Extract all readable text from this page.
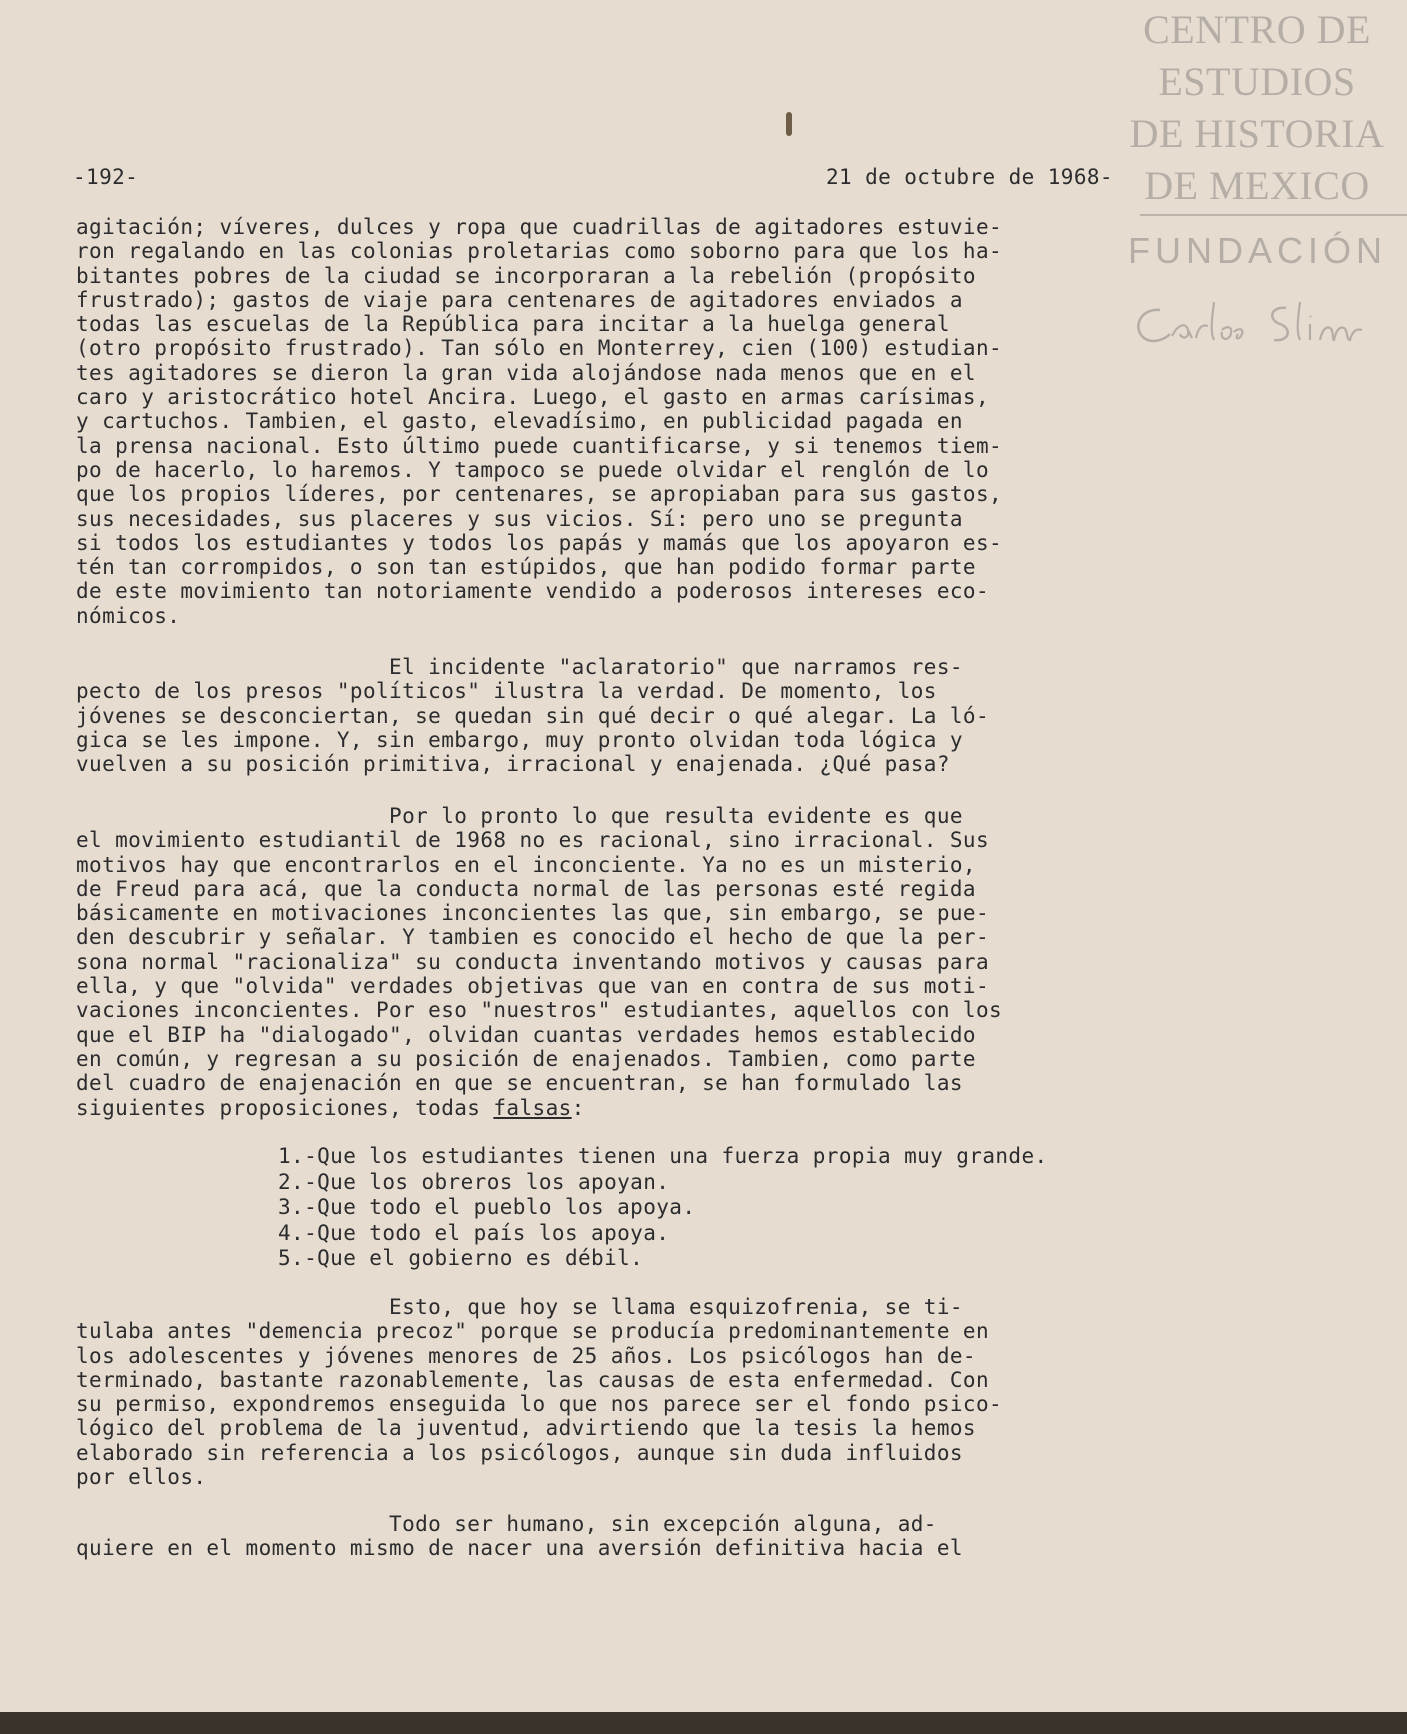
CENTRO DE
ESTUDIOS
DE HISTORIA
DE MEXICO
FUNDACIÓN
-192-	21 de octubre de 1968-
agitación; víveres, dulces y ropa que cuadrillas de agitadores estuvie-
ron regalando en las colonias proletarias como soborno para que los ha-
bitantes pobres de la ciudad se incorporaran a la rebelión (propósito
frustrado); gastos de viaje para centenares de agitadores enviados a
todas las escuelas de la República para incitar a la huelga general
(otro propósito frustrado). Tan sólo en Monterrey, cien (100) estudian-
tes agitadores se dieron la gran vida alojándose nada menos que en el
caro y aristocrático hotel Ancira. Luego, el gasto en armas carísimas,
y cartuchos. Tambien, el gasto, elevadísimo, en publicidad pagada en
la prensa nacional. Esto último puede cuantificarse, y si tenemos tiem-
po de hacerlo, lo haremos. Y tampoco se puede olvidar el renglón de lo
que los propios líderes, por centenares, se apropiaban para sus gastos,
sus necesidades, sus placeres y sus vicios. Sí: pero uno se pregunta
si todos los estudiantes y todos los papás y mamás que los apoyaron es-
tén tan corrompidos, o son tan estúpidos, que han podido formar parte
de este movimiento tan notoriamente vendido a poderosos intereses eco-
nómicos.
El incidente "aclaratorio" que narramos res-
pecto de los presos "políticos" ilustra la verdad. De momento, los
jóvenes se desconciertan, se quedan sin qué decir o qué alegar. La ló-
gica se les impone. Y, sin embargo, muy pronto olvidan toda lógica y
vuelven a su posición primitiva, irracional y enajenada. ¿Qué pasa?
Por lo pronto lo que resulta evidente es que
el movimiento estudiantil de 1968 no es racional, sino irracional. Sus
motivos hay que encontrarlos en el inconciente. Ya no es un misterio,
de Freud para acá, que la conducta normal de las personas esté regida
básicamente en motivaciones inconcientes las que, sin embargo, se pue-
den descubrir y señalar. Y tambien es conocido el hecho de que la per-
sona normal "racionaliza" su conducta inventando motivos y causas para
ella, y que "olvida" verdades objetivas que van en contra de sus moti-
vaciones inconcientes. Por eso "nuestros" estudiantes, aquellos con los
que el BIP ha "dialogado", olvidan cuantas verdades hemos establecido
en común, y regresan a su posición de enajenados. Tambien, como parte
del cuadro de enajenación en que se encuentran, se han formulado las
siguientes proposiciones, todas falsas:
1.-Que los estudiantes tienen una fuerza propia muy grande.
2.-Que los obreros los apoyan.
3.-Que todo el pueblo los apoya.
4.-Que todo el país los apoya.
5.-Que el gobierno es débil.
Esto, que hoy se llama esquizofrenia, se ti-
tulaba antes "demencia precoz" porque se producía predominantemente en
los adolescentes y jóvenes menores de 25 años. Los psicólogos han de-
terminado, bastante razonablemente, las causas de esta enfermedad. Con
su permiso, expondremos enseguida lo que nos parece ser el fondo psico-
lógico del problema de la juventud, advirtiendo que la tesis la hemos
elaborado sin referencia a los psicólogos, aunque sin duda influidos
por ellos.
Todo ser humano, sin excepción alguna, ad-
quiere en el momento mismo de nacer una aversión definitiva hacia el
